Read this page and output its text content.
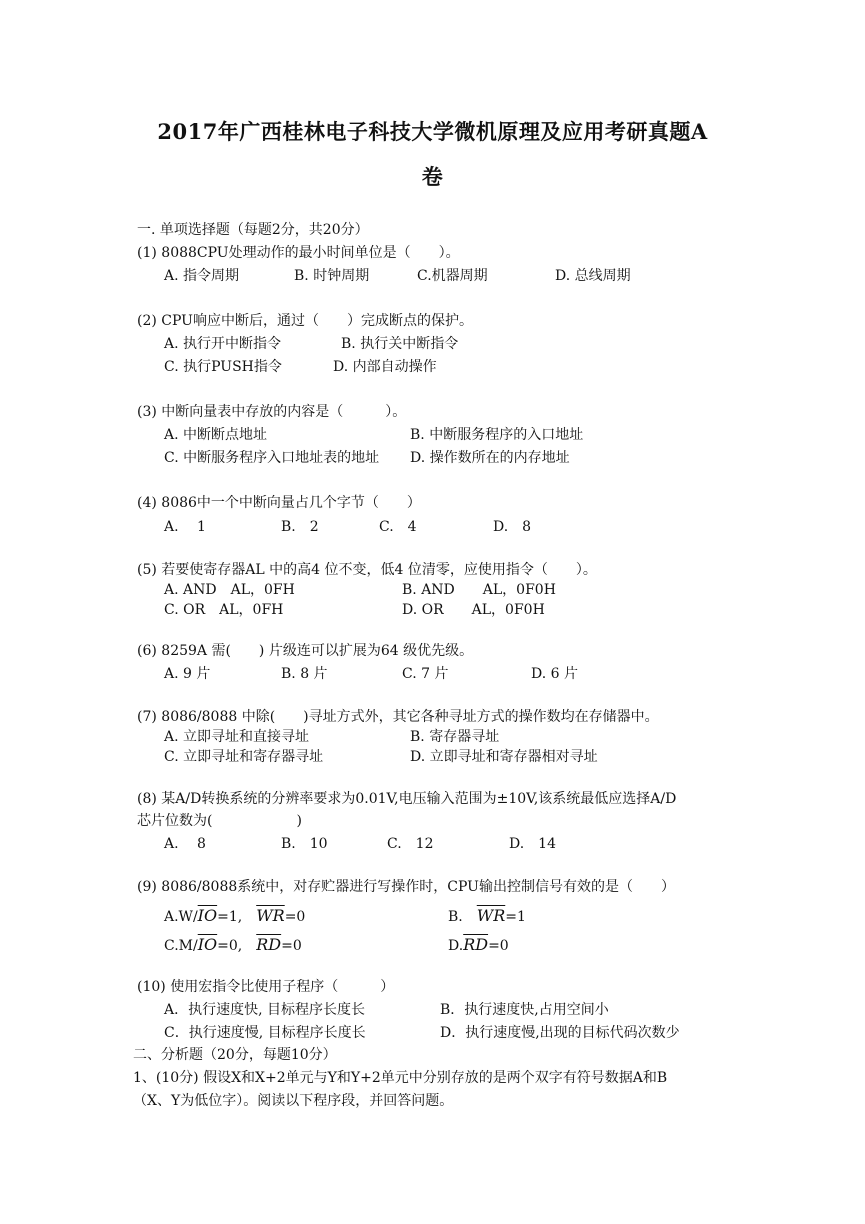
2017年广西桂林电子科技大学微机原理及应用考研真题A
卷
一. 单项选择题（每题2分，共20分）
(1) 8088CPU处理动作的最小时间单位是（　　）。
A. 指令周期	B. 时钟周期	C.机器周期	D. 总线周期
(2) CPU响应中断后，通过（　　）完成断点的保护。
A. 执行开中断指令	B. 执行关中断指令
C. 执行PUSH指令	D. 内部自动操作
(3) 中断向量表中存放的内容是（　　　）。
A. 中断断点地址	B. 中断服务程序的入口地址
C. 中断服务程序入口地址表的地址 D. 操作数所在的内存地址
(4) 8086中一个中断向量占几个字节（　　）
A.　 1	B.　2	C.　4	D.　8
(5) 若要使寄存器AL 中的高4 位不变，低4 位清零，应使用指令（　　）。
A. AND　AL，0FH	B. AND　　AL，0F0H
C. OR　AL，0FH	D. OR　　AL，0F0H
(6) 8259A 需(　　) 片级连可以扩展为64 级优先级。
A. 9 片	B. 8 片	C. 7 片	D. 6 片
(7) 8086/8088 中除(　　)寻址方式外，其它各种寻址方式的操作数均在存储器中。
A. 立即寻址和直接寻址	B. 寄存器寻址
C. 立即寻址和寄存器寻址	D. 立即寻址和寄存器相对寻址
(8) 某A/D转换系统的分辨率要求为0.01V,电压输入范围为±10V,该系统最低应选择A/D
芯片位数为(　　　　　　)
A.　 8	B.　10	C.　12	D.　14
(9) 8086/8088系统中，对存贮器进行写操作时，CPU输出控制信号有效的是（　　）
$A.W/\overline{IO}=1$,　 $\overline{WR}=0$	B.　 $\overline{WR}=1$
$C.M/\overline{IO}=0$,　 $\overline{RD}=0$	$D.\overline{RD}=0$
(10) 使用宏指令比使用子程序（　　　）
A．执行速度快, 目标程序长度长	B．执行速度快,占用空间小
C．执行速度慢, 目标程序长度长	D．执行速度慢,出现的目标代码次数少
二、分析题（20分，每题10分）
1、(10分) 假设X和X+2单元与Y和Y+2单元中分别存放的是两个双字有符号数据A和B
（X、Y为低位字）。阅读以下程序段，并回答问题。
